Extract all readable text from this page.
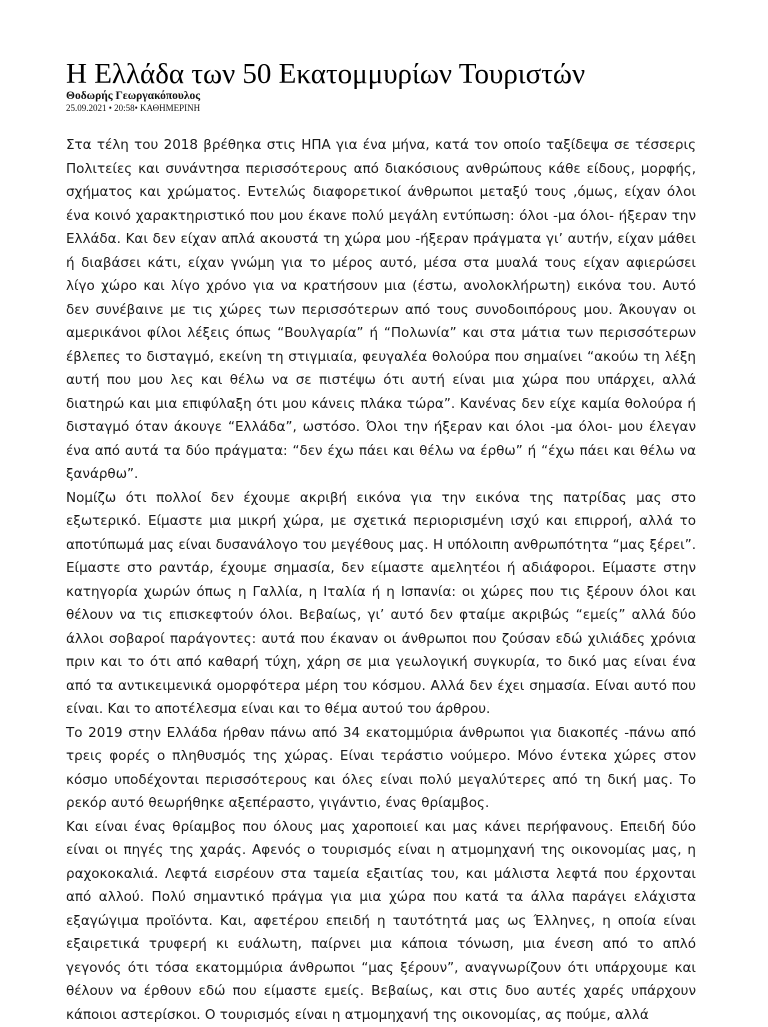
Η Ελλάδα των 50 Εκατομμυρίων Τουριστών
Θοδωρής Γεωργακόπουλος
25.09.2021 • 20:58• ΚΑΘΗΜΕΡΙΝΗ

Στα τέλη του 2018 βρέθηκα στις ΗΠΑ για ένα μήνα, κατά τον οποίο ταξίδεψα σε τέσσερις Πολιτείες και συνάντησα περισσότερους από διακόσιους ανθρώπους κάθε είδους, μορφής, σχήματος και χρώματος. Εντελώς διαφορετικοί άνθρωποι μεταξύ τους ,όμως, είχαν όλοι ένα κοινό χαρακτηριστικό που μου έκανε πολύ μεγάλη εντύπωση: όλοι -μα όλοι- ήξεραν την Ελλάδα. Και δεν είχαν απλά ακουστά τη χώρα μου -ήξεραν πράγματα γι’ αυτήν, είχαν μάθει ή διαβάσει κάτι, είχαν γνώμη για το μέρος αυτό, μέσα στα μυαλά τους είχαν αφιερώσει λίγο χώρο και λίγο χρόνο για να κρατήσουν μια (έστω, ανολοκλήρωτη) εικόνα του. Αυτό δεν συνέβαινε με τις χώρες των περισσότερων από τους συνοδοιπόρους μου. Άκουγαν οι αμερικάνοι φίλοι λέξεις όπως “Βουλγαρία” ή “Πολωνία” και στα μάτια των περισσότερων έβλεπες το δισταγμό, εκείνη τη στιγμιαία, φευγαλέα θολούρα που σημαίνει “ακούω τη λέξη αυτή που μου λες και θέλω να σε πιστέψω ότι αυτή είναι μια χώρα που υπάρχει, αλλά διατηρώ και μια επιφύλαξη ότι μου κάνεις πλάκα τώρα”. Κανένας δεν είχε καμία θολούρα ή δισταγμό όταν άκουγε “Ελλάδα”, ωστόσο. Όλοι την ήξεραν και όλοι -μα όλοι- μου έλεγαν ένα από αυτά τα δύο πράγματα: “δεν έχω πάει και θέλω να έρθω” ή “έχω πάει και θέλω να ξανάρθω”.

Νομίζω ότι πολλοί δεν έχουμε ακριβή εικόνα για την εικόνα της πατρίδας μας στο εξωτερικό. Είμαστε μια μικρή χώρα, με σχετικά περιορισμένη ισχύ και επιρροή, αλλά το αποτύπωμά μας είναι δυσανάλογο του μεγέθους μας. Η υπόλοιπη ανθρωπότητα “μας ξέρει”. Είμαστε στο ραντάρ, έχουμε σημασία, δεν είμαστε αμελητέοι ή αδιάφοροι. Είμαστε στην κατηγορία χωρών όπως η Γαλλία, η Ιταλία ή η Ισπανία: οι χώρες που τις ξέρουν όλοι και θέλουν να τις επισκεφτούν όλοι. Βεβαίως, γι’ αυτό δεν φταίμε ακριβώς “εμείς” αλλά δύο άλλοι σοβαροί παράγοντες: αυτά που έκαναν οι άνθρωποι που ζούσαν εδώ χιλιάδες χρόνια πριν και το ότι από καθαρή τύχη, χάρη σε μια γεωλογική συγκυρία, το δικό μας είναι ένα από τα αντικειμενικά ομορφότερα μέρη του κόσμου. Αλλά δεν έχει σημασία. Είναι αυτό που είναι. Και το αποτέλεσμα είναι και το θέμα αυτού του άρθρου.

Το 2019 στην Ελλάδα ήρθαν πάνω από 34 εκατομμύρια άνθρωποι για διακοπές -πάνω από τρεις φορές ο πληθυσμός της χώρας. Είναι τεράστιο νούμερο. Μόνο έντεκα χώρες στον κόσμο υποδέχονται περισσότερους και όλες είναι πολύ μεγαλύτερες από τη δική μας. Το ρεκόρ αυτό θεωρήθηκε αξεπέραστο, γιγάντιο, ένας θρίαμβος.

Και είναι ένας θρίαμβος που όλους μας χαροποιεί και μας κάνει περήφανους. Επειδή δύο είναι οι πηγές της χαράς. Αφενός ο τουρισμός είναι η ατμομηχανή της οικονομίας μας, η ραχοκοκαλιά. Λεφτά εισρέουν στα ταμεία εξαιτίας του, και μάλιστα λεφτά που έρχονται από αλλού. Πολύ σημαντικό πράγμα για μια χώρα που κατά τα άλλα παράγει ελάχιστα εξαγώγιμα προϊόντα. Και, αφετέρου επειδή η ταυτότητά μας ως Έλληνες, η οποία είναι εξαιρετικά τρυφερή κι ευάλωτη, παίρνει μια κάποια τόνωση, μια ένεση από το απλό γεγονός ότι τόσα εκατομμύρια άνθρωποι “μας ξέρουν”, αναγνωρίζουν ότι υπάρχουμε και θέλουν να έρθουν εδώ που είμαστε εμείς. Βεβαίως, και στις δυο αυτές χαρές υπάρχουν κάποιοι αστερίσκοι. Ο τουρισμός είναι η ατμομηχανή της οικονομίας, ας πούμε, αλλά
